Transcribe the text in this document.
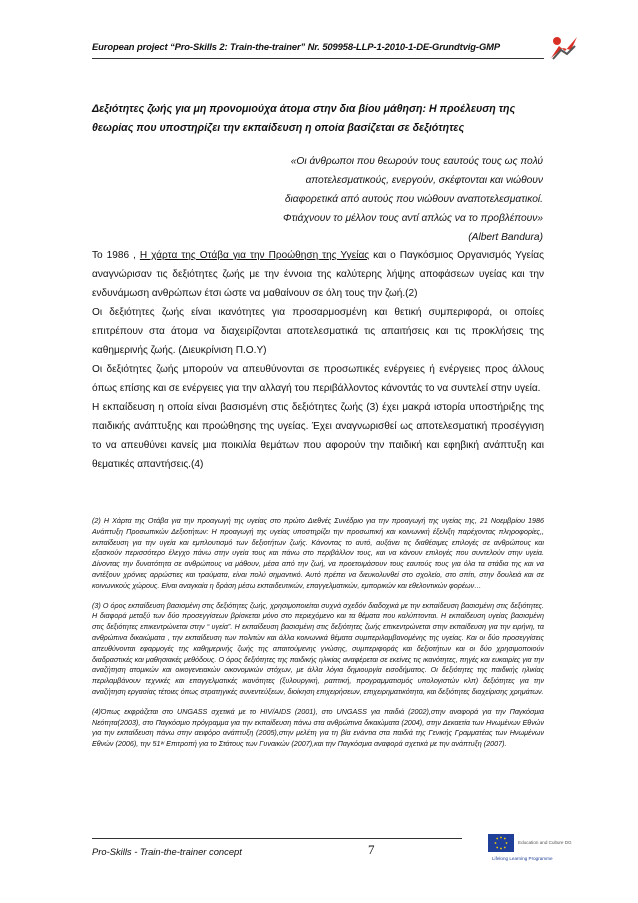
European project “Pro-Skills 2: Train-the-trainer” Nr. 509958-LLP-1-2010-1-DE-Grundtvig-GMP
Δεξιότητες ζωής για μη προνομιούχα άτομα στην δια βίου μάθηση: Η προέλευση της θεωρίας που υποστηρίζει την εκπαίδευση η οποία βασίζεται σε δεξιότητες
«Οι άνθρωποι που θεωρούν τους εαυτούς τους ως πολύ αποτελεσματικούς, ενεργούν, σκέφτονται και νιώθουν διαφορετικά από αυτούς που νιώθουν αναποτελεσματικοί. Φτιάχνουν το μέλλον τους αντί απλώς να το προβλέπουν»
(Albert Bandura)

Το 1986 , Η χάρτα της Οτάβα για την Προώθηση της Υγείας και ο Παγκόσμιος Οργανισμός Υγείας αναγνώρισαν τις δεξιότητες ζωής με την έννοια της καλύτερης λήψης αποφάσεων υγείας και την ενδυνάμωση ανθρώπων έτσι ώστε να μαθαίνουν σε όλη τους την ζωή.(2)

Οι δεξιότητες ζωής είναι ικανότητες για προσαρμοσμένη και θετική συμπεριφορά, οι οποίες επιτρέπουν στα άτομα να διαχειρίζονται αποτελεσματικά τις απαιτήσεις και τις προκλήσεις της καθημερινής ζωής. (Διευκρίνιση Π.Ο.Υ)

Οι δεξιότητες ζωής μπορούν να απευθύνονται σε προσωπικές ενέργειες ή ενέργειες προς άλλους όπως επίσης και σε ενέργειες για την αλλαγή του περιβάλλοντος κάνοντάς το να συντελεί στην υγεία.

Η εκπαίδευση η οποία είναι βασισμένη στις δεξιότητες ζωής (3) έχει μακρά ιστορία υποστήριξης της παιδικής ανάπτυξης και προώθησης της υγείας. Έχει αναγνωρισθεί ως αποτελεσματική προσέγγιση το να απευθύνει κανείς μια ποικιλία θεμάτων που αφορούν την παιδική και εφηβική ανάπτυξη και θεματικές απαντήσεις.(4)

(2) Η Χάρτα της Οτάβα για την προαγωγή της υγείας στο πρώτο Διεθνές Συνέδριο για την προαγωγή της υγείας της, 21 Νοεμβρίου 1986 Ανάπτυξη Προσωπικών Δεξιοτήτων: Η προαγωγή της υγείας υποστηρίζει την προσωπική και κοινωνική έξελιξη παρέχοντας πληροφορίες,, εκπαίδευση για την υγεία και εμπλουτισμό των δεξιοτήτων ζωής. Κάνοντας το αυτό, αυξάνει τις διαθέσιμες επιλογές σε ανθρώπους και εξασκούν περισσότερο έλεγχο πάνω στην υγεία τους και πάνω στο περιβάλλον τους, και να κάνουν επιλογές που συντελούν στην υγεία. Δίνοντας την δυνατότητα σε ανθρώπους να μάθουν, μέσα από την ζωή, να προετοιμάσουν τους εαυτούς τους για όλα τα στάδια της και να αντέξουν χρόνιες αρρώστιες και τραύματα, είναι πολύ σημαντικό. Αυτό πρέπει να διευκολυνθεί στο σχολείο, στο σπίτι, στην δουλειά και σε κοινωνικούς χώρους. Είναι αναγκαία η δράση μέσω εκπαιδευτικών, επαγγελματικών, εμπορικών και εθελοντικών φορέων…

(3) Ο όρος εκπαίδευση βασισμένη στις δεξιότητες ζωής, χρησιμοποιείται συχνά σχεδόν διαδοχικά με την εκπαίδευση βασισμένη στις δεξιότητες. Η διαφορά μεταξύ των δύο προσεγγίσεων βρίσκεται μόνο στο περιεχόμενο και τα θέματα που καλύπτονται. Η εκπαίδευση υγείας βασισμένη στις δεξιότητες επικεντρώνεται στην “ υγεία”. Η εκπαίδευση βασισμένη στις δεξιότητες ζωής επικεντρώνεται στην εκπαίδευση για την ειρήνη, τα ανθρώπινα δικαιώματα , την εκπαίδευση των πολιτών και άλλα κοινωνικά θέματα συμπεριλαμβανομένης της υγείας. Και οι δύο προσεγγίσεις απευθύνονται εφαρμογές της καθημερινής ζωής της απαιτούμενης γνώσης, συμπεριφοράς και δεξιοτήτων και οι δύο χρησιμοποιούν διαδραστικές και μαθησιακές μεθόδους. Ο όρος δεξιότητες της παιδικής ηλικίας αναφέρεται σε εκείνες τις ικανότητες, πηγές και ευκαιρίες για την αναζήτηση ατομικών και οικογενειακών οικονομικών στόχων, με άλλα λόγια δημιουργία εισοδήματος. Οι δεξιότητες της παιδικής ηλικίας περιλαμβάνουν τεχνικές και επαγγελματικές ικανότητες (ξυλουργική, ραπτική, προγραμματισμός υπολογιστών κλπ) δεξιότητες για την αναζήτηση εργασίας τέτοιες όπως στρατηγικές συνεντεύξεων, διοίκηση επιχειρήσεων, επιχειρηματικότητα, και δεξιότητες διαχείρισης χρημάτων.

(4)Όπως εκφράζεται στο UNGASS σχετικά με το HIV/AIDS (2001), στο UNGASS για παιδιά (2002),στην αναφορά για την Παγκόσμια Νεότητα(2003), στο Παγκόσμιο πρόγραμμα για την εκπαίδευση πάνω στα ανθρώπινα δικαιώματα (2004), στην Δεκαετία των Ηνωμένων Εθνών για την εκπαίδευση πάνω στην αειφόρο ανάπτυξη (2005),στην μελέτη για τη βία ενάντια στα παιδιά της Γενικής Γραμματέας των Ηνωμένων Εθνών (2006), την 51ʷ Επιτροπή για το Στάτους των Γυναικών (2007),και την Παγκόσμια αναφορά σχετικά με την ανάπτυξη (2007).

Pro-Skills - Train-the-trainer concept	7	Education and Culture DG
Lifelong Learning Programme
